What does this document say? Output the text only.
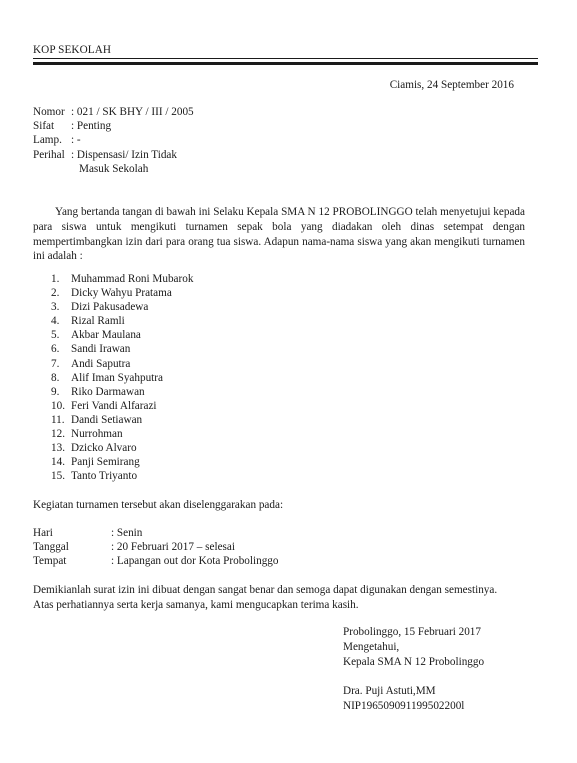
KOP SEKOLAH
Ciamis, 24 September 2016
Nomor : 021 / SK BHY / III / 2005
Sifat	: Penting
Lamp. : -
Perihal : Dispensasi/ Izin Tidak
Masuk Sekolah
Yang bertanda tangan di bawah ini Selaku Kepala SMA N 12 PROBOLINGGO telah menyetujui kepada para siswa untuk mengikuti turnamen sepak bola yang diadakan oleh dinas setempat dengan mempertimbangkan izin dari para orang tua siswa. Adapun nama-nama siswa yang akan mengikuti turnamen ini adalah :
1.	Muhammad Roni Mubarok
2.	Dicky Wahyu Pratama
3.	Dizi Pakusadewa
4.	Rizal Ramli
5.	Akbar Maulana
6.	Sandi Irawan
7.	Andi Saputra
8.	Alif Iman Syahputra
9.	Riko Darmawan
10. Feri Vandi Alfarazi
11. Dandi Setiawan
12. Nurrohman
13. Dzicko Alvaro
14. Panji Semirang
15. Tanto Triyanto
Kegiatan turnamen tersebut akan diselenggarakan pada:
Hari	: Senin
Tanggal	: 20 Februari 2017 – selesai
Tempat	: Lapangan out dor Kota Probolinggo
Demikianlah surat izin ini dibuat dengan sangat benar dan semoga dapat digunakan dengan semestinya.
Atas perhatiannya serta kerja samanya, kami mengucapkan terima kasih.
Probolinggo, 15 Februari 2017
Mengetahui,
Kepala SMA N 12 Probolinggo
Dra. Puji Astuti,MM
NIP196509091199502200l
